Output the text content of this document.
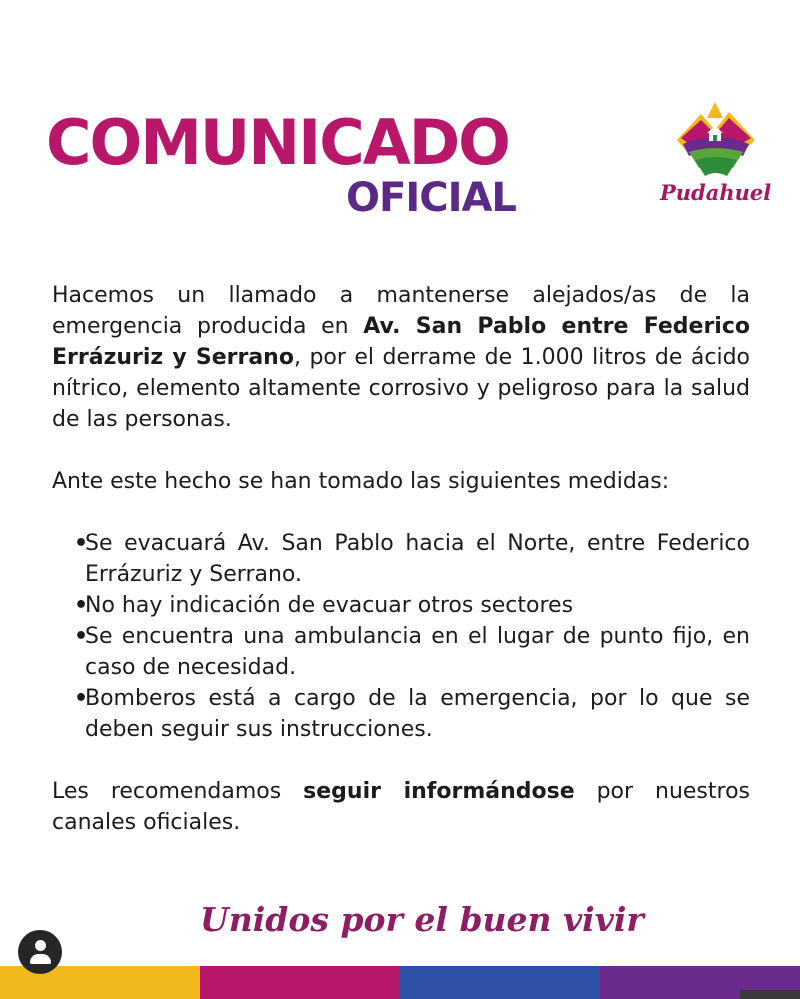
COMUNICADO
OFICIAL	Pudahuel

Hacemos un llamado a mantenerse alejados/as de la emergencia producida en Av. San Pablo entre Federico Errázuriz y Serrano, por el derrame de 1.000 litros de ácido nítrico, elemento altamente corrosivo y peligroso para la salud de las personas.

Ante este hecho se han tomado las siguientes medidas:

•
Se evacuará Av. San Pablo hacia el Norte, entre Federico Errázuriz y Serrano.
•
No hay indicación de evacuar otros sectores
•
Se encuentra una ambulancia en el lugar de punto fijo, en caso de necesidad.
•
Bomberos está a cargo de la emergencia, por lo que se deben seguir sus instrucciones.

Les recomendamos seguir informándose por nuestros canales oficiales.

Unidos por el buen vivir
